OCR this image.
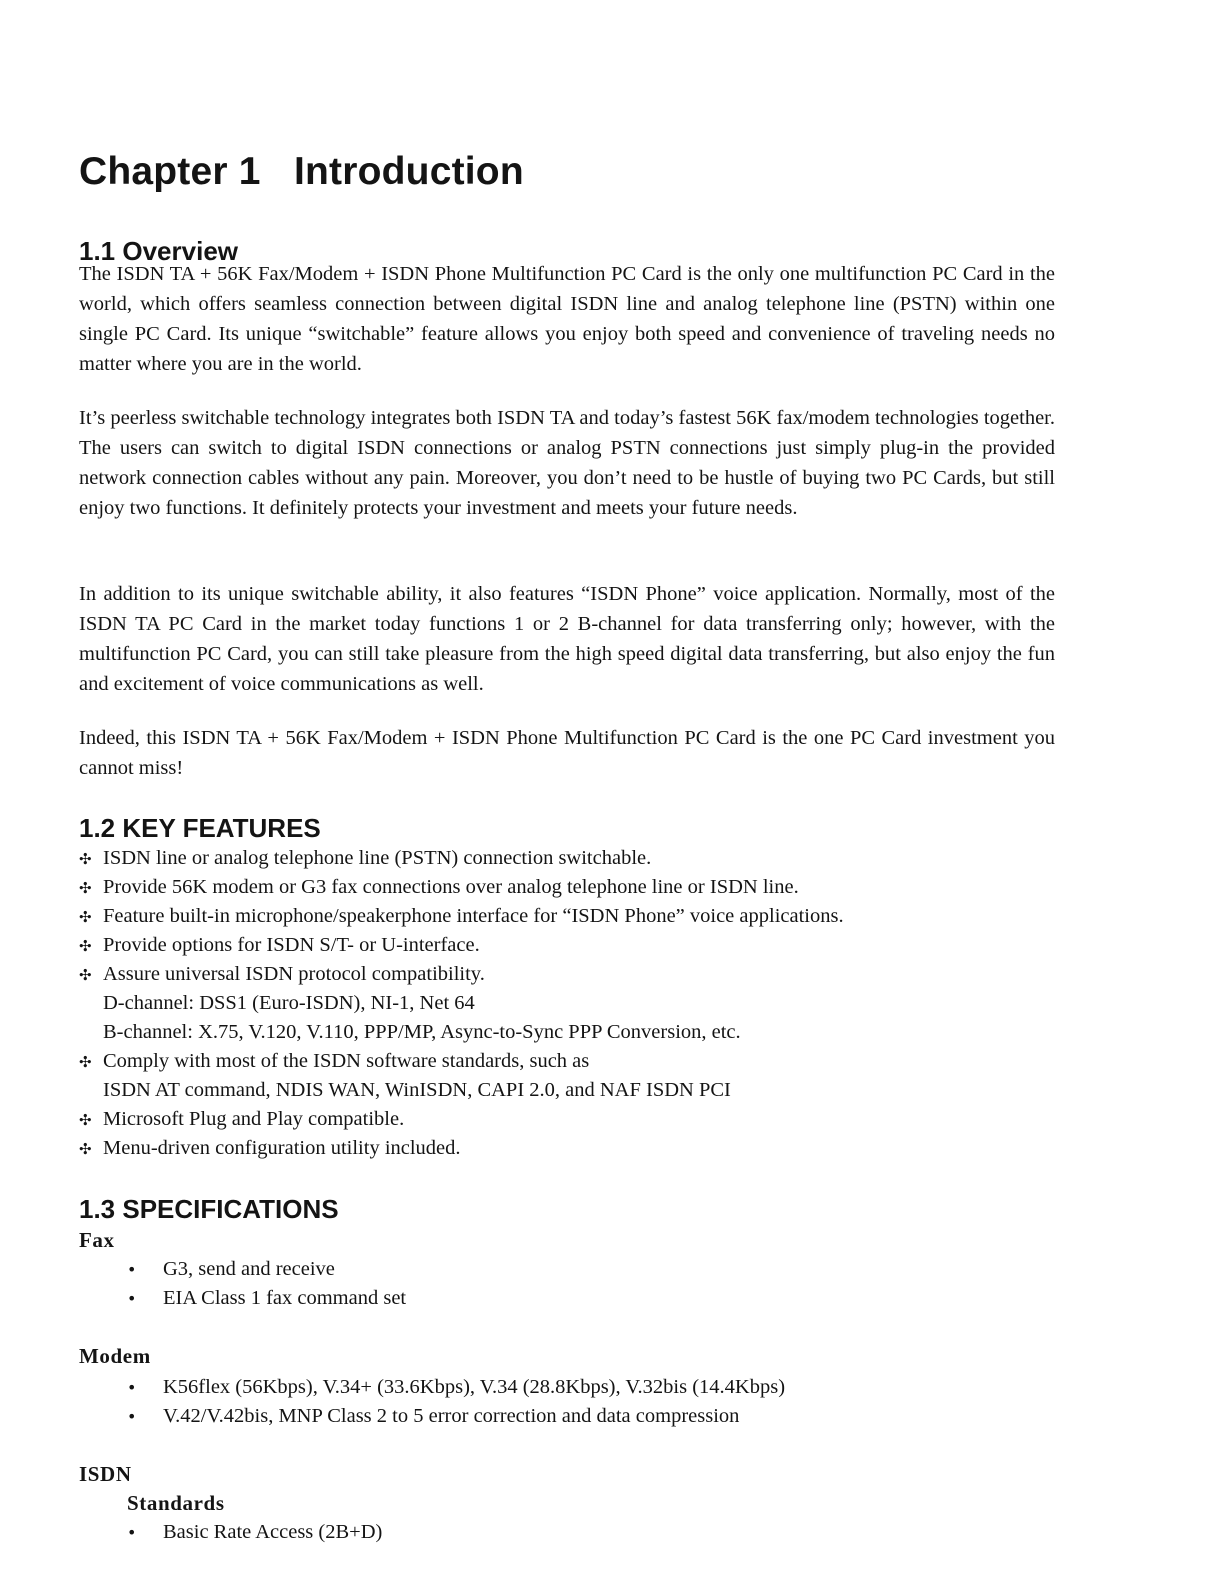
Chapter 1 Introduction
1.1 Overview

The ISDN TA + 56K Fax/Modem + ISDN Phone Multifunction PC Card is the only one multifunction PC Card in the world, which offers seamless connection between digital ISDN line and analog telephone line (PSTN) within one single PC Card. Its unique “switchable” feature allows you enjoy both speed and convenience of traveling needs no matter where you are in the world.

It’s peerless switchable technology integrates both ISDN TA and today’s fastest 56K fax/modem technologies together. The users can switch to digital ISDN connections or analog PSTN connections just simply plug-in the provided network connection cables without any pain. Moreover, you don’t need to be hustle of buying two PC Cards, but still enjoy two functions. It definitely protects your investment and meets your future needs.

In addition to its unique switchable ability, it also features “ISDN Phone” voice application. Normally, most of the ISDN TA PC Card in the market today functions 1 or 2 B-channel for data transferring only; however, with the multifunction PC Card, you can still take pleasure from the high speed digital data transferring, but also enjoy the fun and excitement of voice communications as well.

Indeed, this ISDN TA + 56K Fax/Modem + ISDN Phone Multifunction PC Card is the one PC Card investment you cannot miss!

1.2 KEY FEATURES
✣ ISDN line or analog telephone line (PSTN) connection switchable.
✣ Provide 56K modem or G3 fax connections over analog telephone line or ISDN line.
✣ Feature built-in microphone/speakerphone interface for “ISDN Phone” voice applications.
✣ Provide options for ISDN S/T- or U-interface.
✣ Assure universal ISDN protocol compatibility.
D-channel: DSS1 (Euro-ISDN), NI-1, Net 64
B-channel: X.75, V.120, V.110, PPP/MP, Async-to-Sync PPP Conversion, etc.
✣ Comply with most of the ISDN software standards, such as
ISDN AT command, NDIS WAN, WinISDN, CAPI 2.0, and NAF ISDN PCI
✣ Microsoft Plug and Play compatible.
✣ Menu-driven configuration utility included.
1.3 SPECIFICATIONS
Fax
• G3, send and receive
• EIA Class 1 fax command set
Modem
• K56flex (56Kbps), V.34+ (33.6Kbps), V.34 (28.8Kbps), V.32bis (14.4Kbps)
• V.42/V.42bis, MNP Class 2 to 5 error correction and data compression
ISDN
Standards
• Basic Rate Access (2B+D)
